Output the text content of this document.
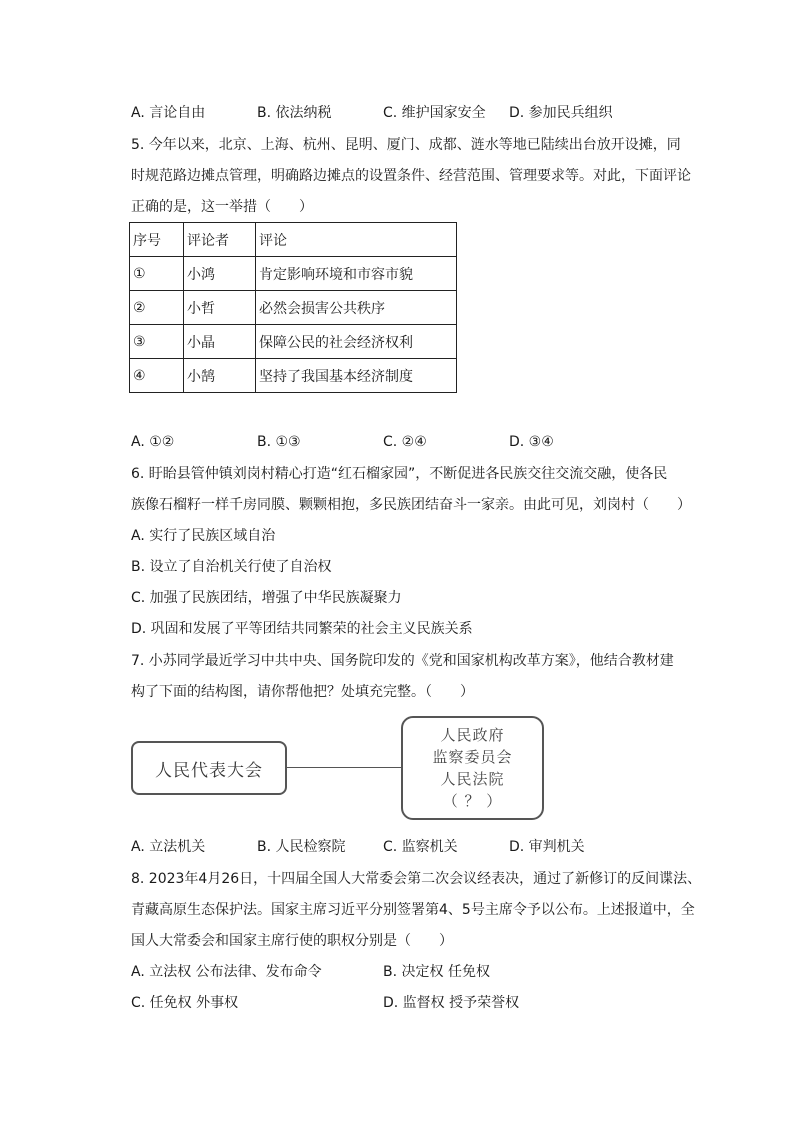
A. 言论自由	B. 依法纳税	C. 维护国家安全 D. 参加民兵组织
5. 今年以来，北京、上海、杭州、昆明、厦门、成都、涟水等地已陆续出台放开设摊，同
时规范路边摊点管理，明确路边摊点的设置条件、经营范围、管理要求等。对此，下面评论
正确的是，这一举措（　　）
序号	评论者	评论
①	小鸿	肯定影响环境和市容市貌
②	小哲	必然会损害公共秩序
③	小晶	保障公民的社会经济权利
④	小鹄	坚持了我国基本经济制度
A. ①②	B. ①③	C. ②④	D. ③④
6. 盱眙县管仲镇刘岗村精心打造“红石榴家园”，不断促进各民族交往交流交融，使各民
族像石榴籽一样千房同膜、颗颗相抱，多民族团结奋斗一家亲。由此可见，刘岗村（　　）
A. 实行了民族区域自治
B. 设立了自治机关行使了自治权
C. 加强了民族团结，增强了中华民族凝聚力
D. 巩固和发展了平等团结共同繁荣的社会主义民族关系
7. 小苏同学最近学习中共中央、国务院印发的《党和国家机构改革方案》，他结合教材建
构了下面的结构图，请你帮他把？处填充完整。（　　）
人民代表大会
人民政府
监察委员会
人民法院
（ ？ ）
A. 立法机关	B. 人民检察院	C. 监察机关	D. 审判机关
8. 2023年4月26日，十四届全国人大常委会第二次会议经表决，通过了新修订的反间谍法、
青藏高原生态保护法。国家主席习近平分别签署第4、5号主席令予以公布。上述报道中，全
国人大常委会和国家主席行使的职权分别是（　　）
A. 立法权 公布法律、发布命令	B. 决定权 任免权
C. 任免权 外事权	D. 监督权 授予荣誉权
